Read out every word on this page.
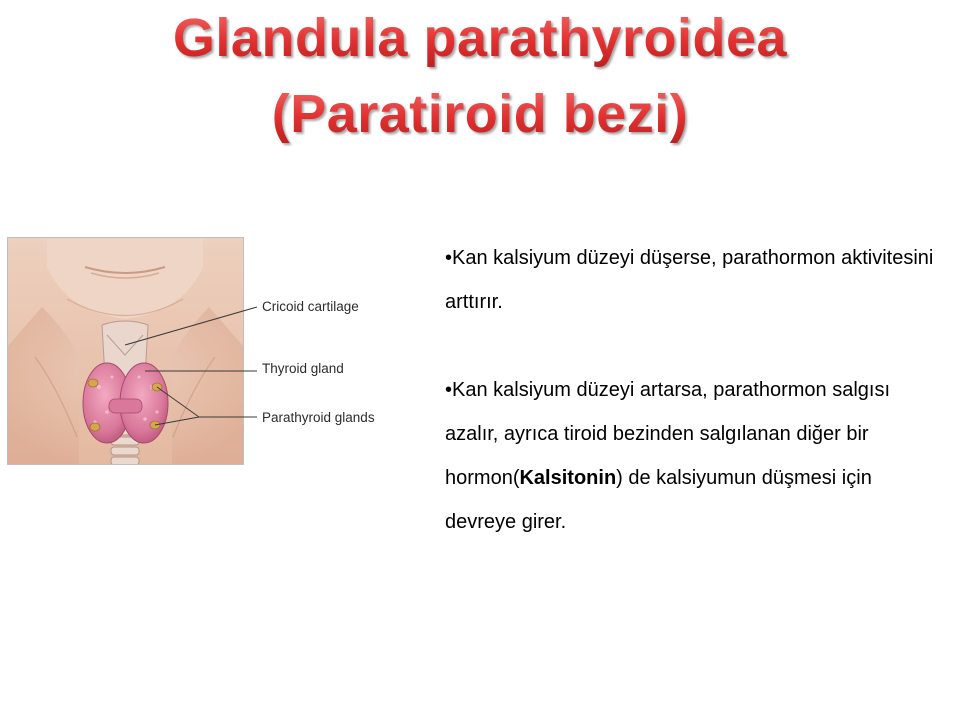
Glandula parathyroidea
(Paratiroid bezi)

Cricoid cartilage

Thyroid gland

Parathyroid glands

•Kan kalsiyum düzeyi düşerse, parathormon aktivitesini arttırır.

•Kan kalsiyum düzeyi artarsa, parathormon salgısı azalır, ayrıca tiroid bezinden salgılanan diğer bir hormon(Kalsitonin) de kalsiyumun düşmesi için devreye girer.
